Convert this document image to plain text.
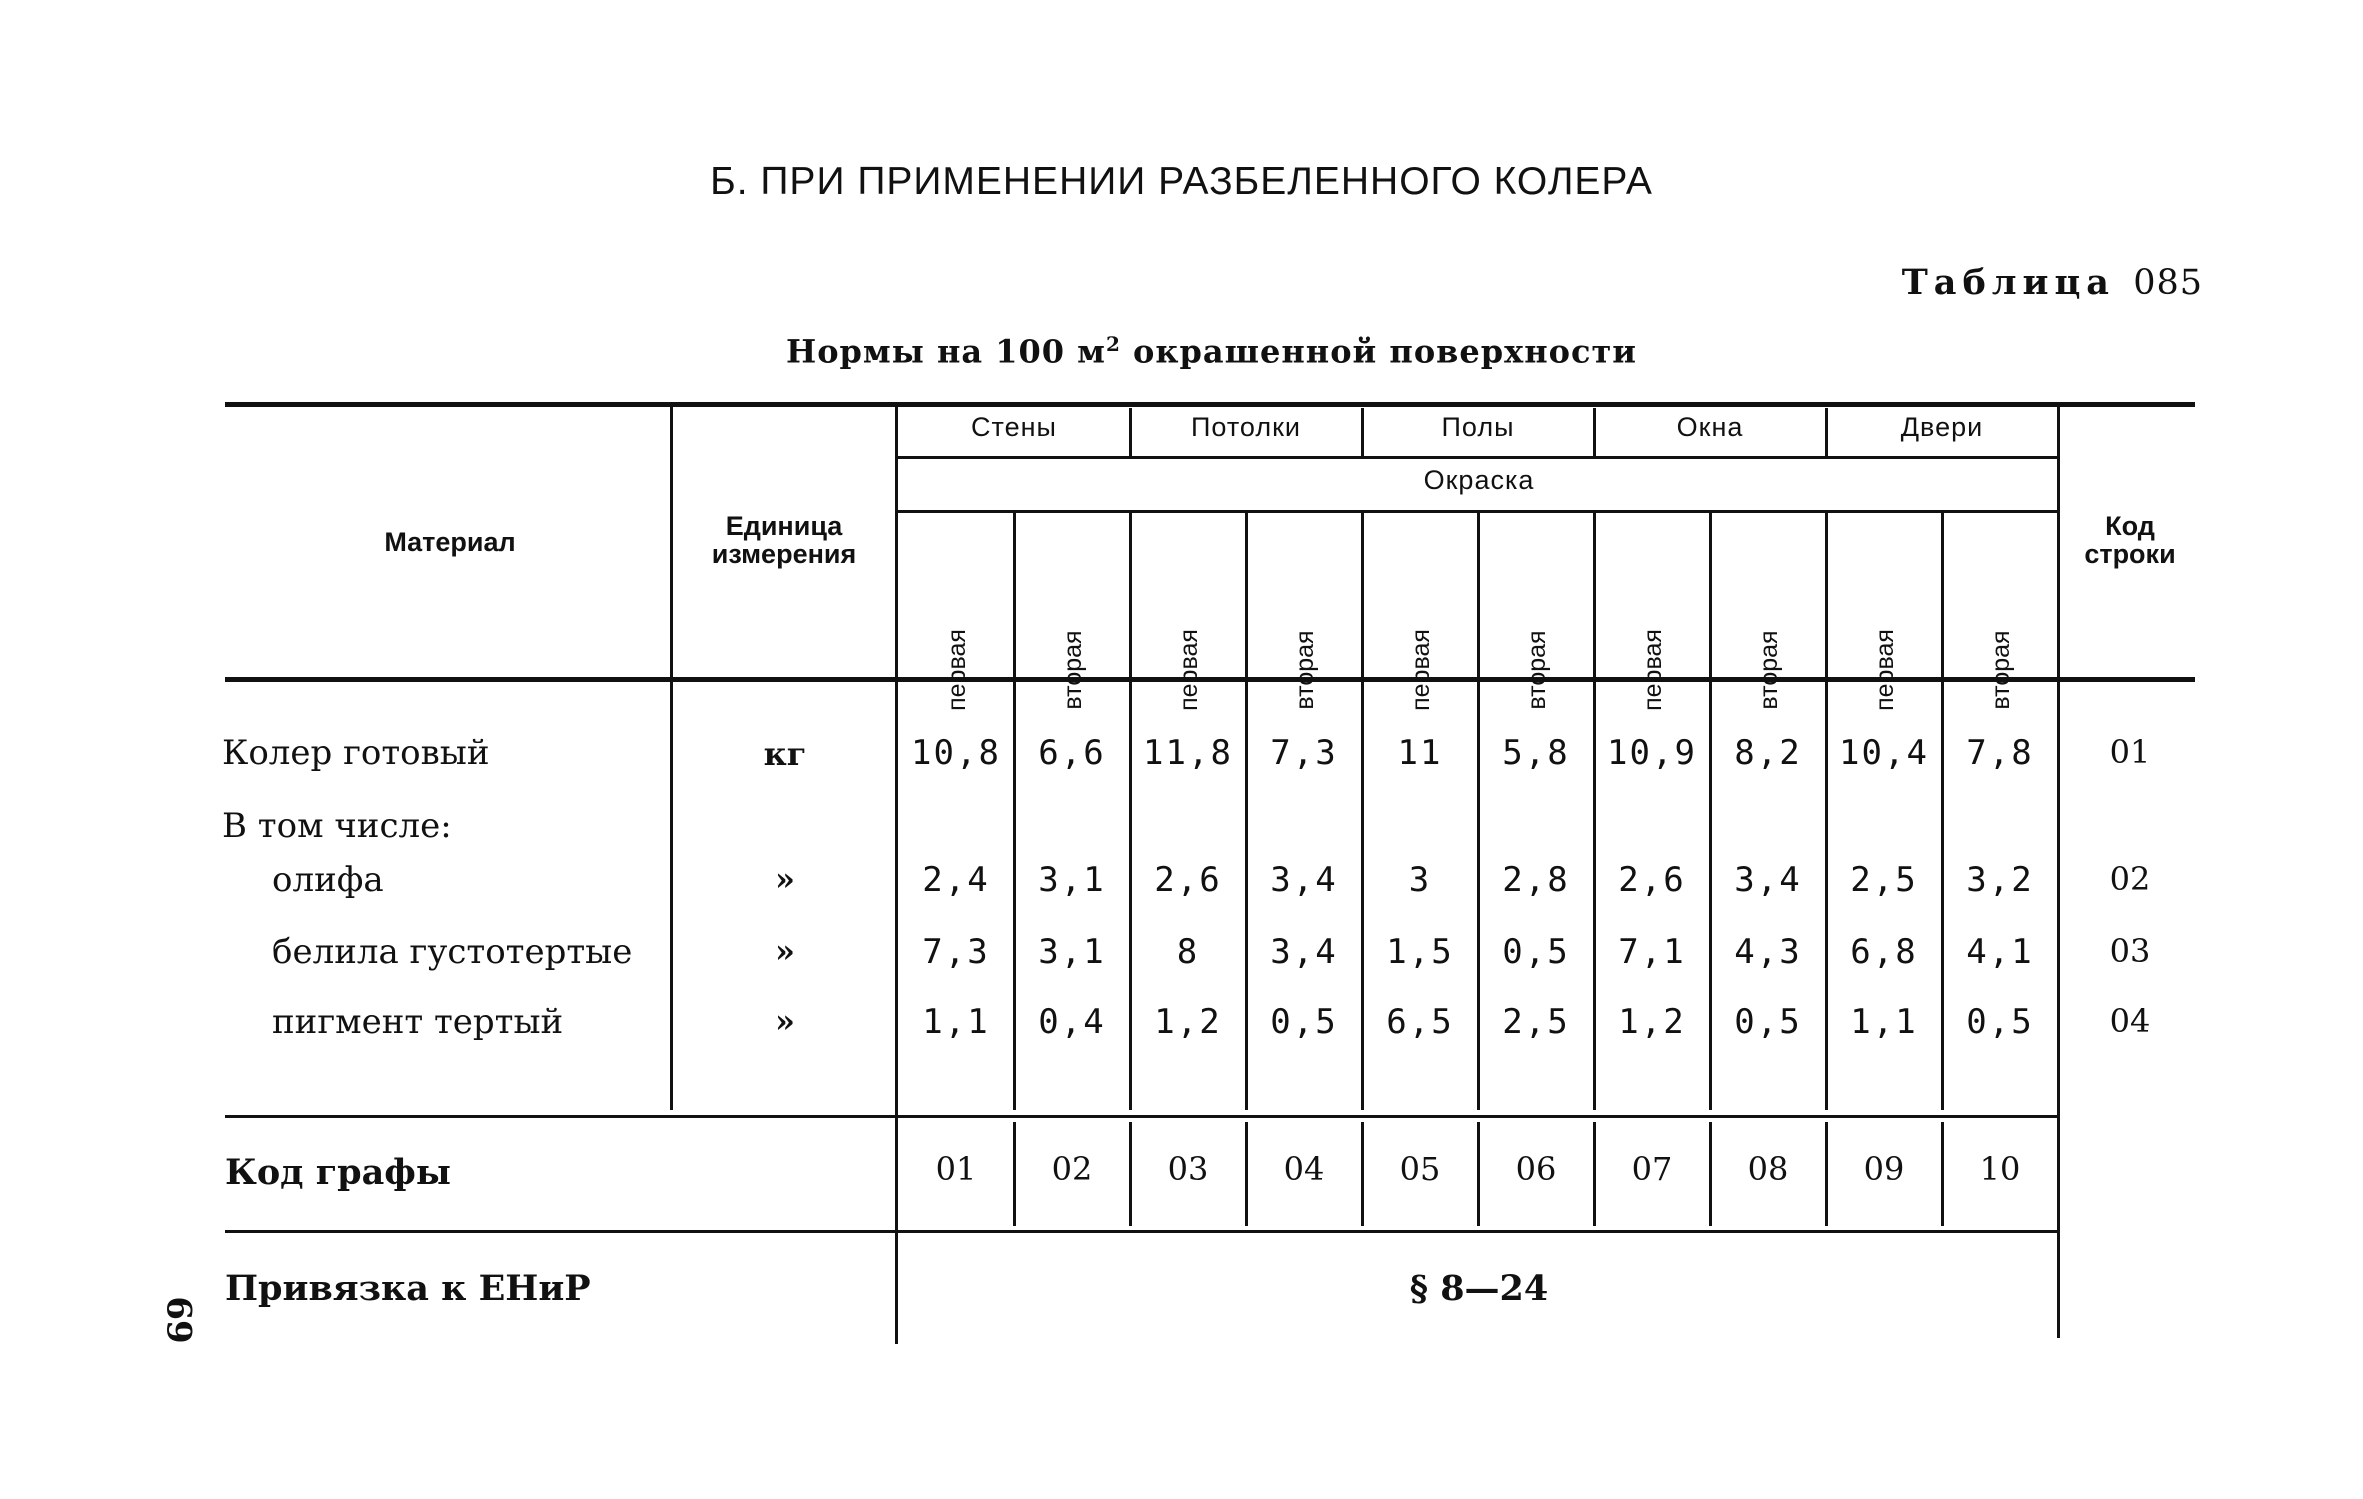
Б. ПРИ ПРИМЕНЕНИИ РАЗБЕЛЕННОГО КОЛЕРА
Таблица 085
Нормы на 100 $м^2$ окрашенной поверхности
Материал
Единица
измерения
Код
строки
Стены	Потолки	Полы	Окна	Двери
Окраска
первая	вторая	первая	вторая	первая	вторая	первая	вторая	первая	вторая
Колер готовый	кг	10,8	6,6	11,8	7,3	11	5,8	10,9	8,2	10,4	7,8	01
В том числе:
олифа	»	2,4	3,1	2,6	3,4	3	2,8	2,6	3,4	2,5	3,2	02
белила густотертые	»	7,3	3,1	8	3,4	1,5	0,5	7,1	4,3	6,8	4,1	03
пигмент тертый	»	1,1	0,4	1,2	0,5	6,5	2,5	1,2	0,5	1,1	0,5	04
Код графы	01	02	03	04	05	06	07	08	09	10
Привязка к ЕНиР	§ 8—24
69
